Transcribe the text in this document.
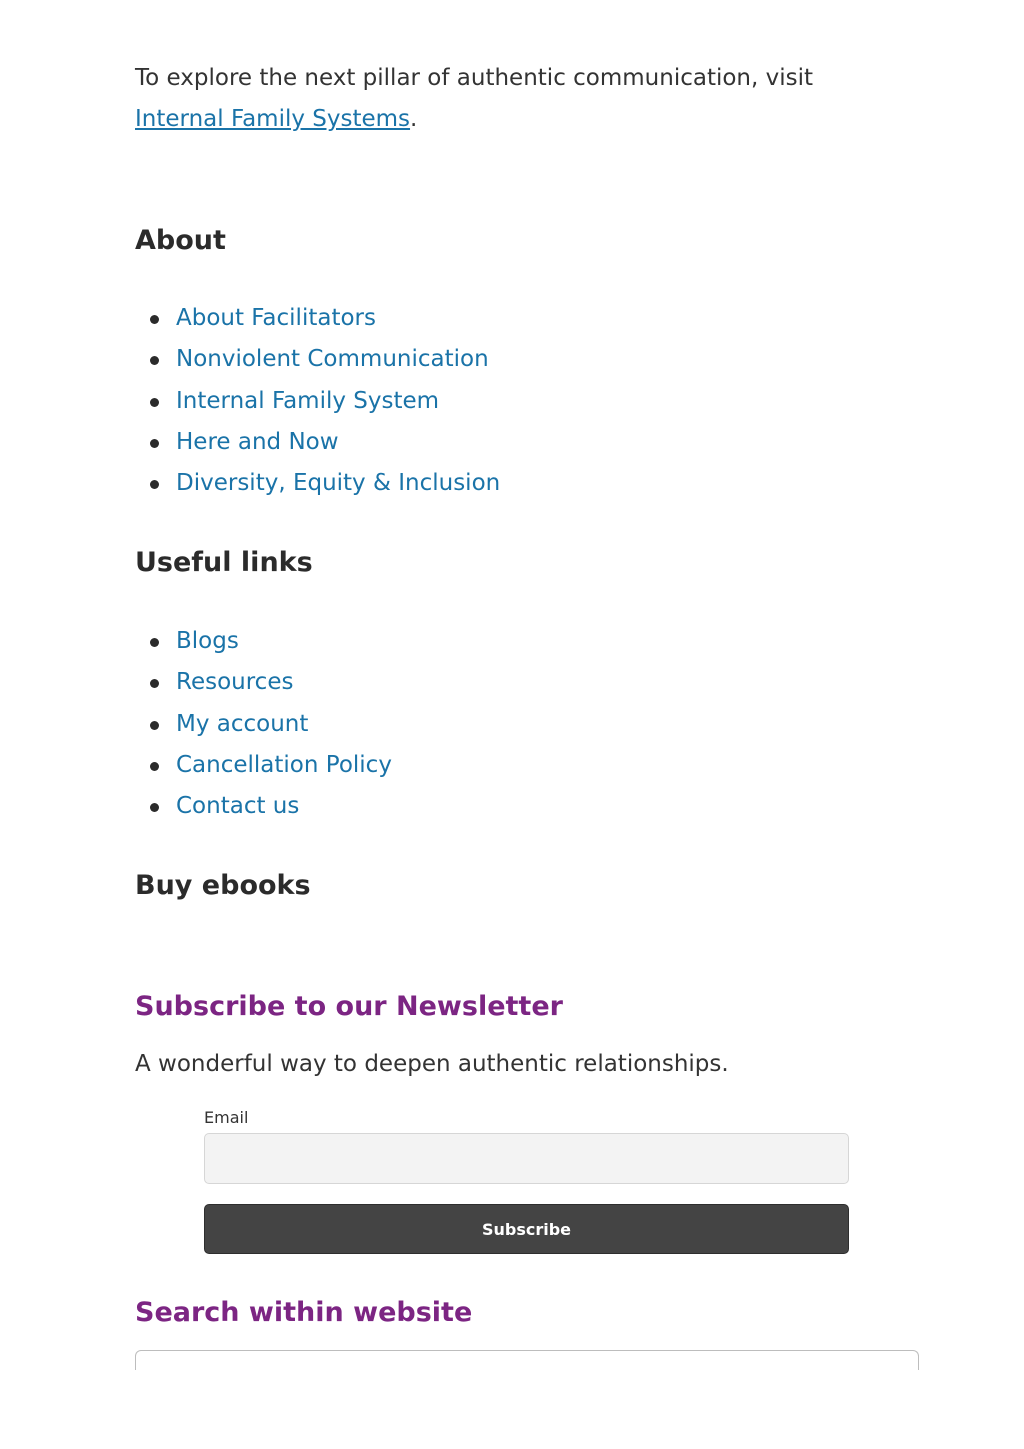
To explore the next pillar of authentic communication, visit Internal Family Systems.

About
About Facilitators
Nonviolent Communication
Internal Family System
Here and Now
Diversity, Equity & Inclusion
Useful links
Blogs
Resources
My account
Cancellation Policy
Contact us
Buy ebooks
Subscribe to our Newsletter

A wonderful way to deepen authentic relationships.

Email
Subscribe
Search within website
